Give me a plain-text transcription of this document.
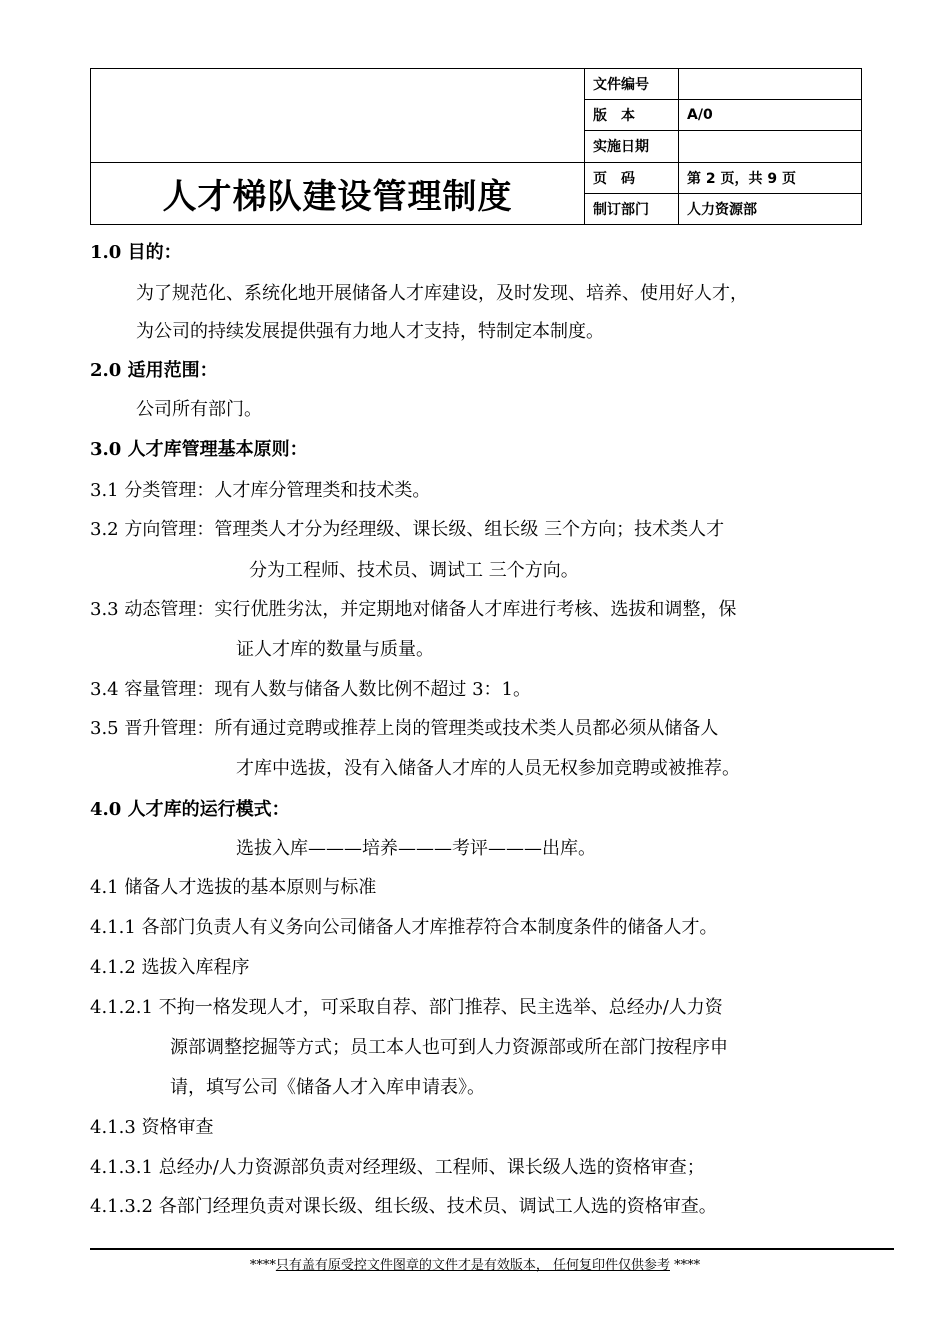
	文件编号	
	版　本	A/0
	实施日期	
人才梯队建设管理制度	页　码	第 2 页，共 9 页
	制订部门	人力资源部
1.0 目的：
为了规范化、系统化地开展储备人才库建设，及时发现、培养、使用好人才，
为公司的持续发展提供强有力地人才支持，特制定本制度。
2.0 适用范围：
公司所有部门。
3.0 人才库管理基本原则：
3.1 分类管理：人才库分管理类和技术类。
3.2 方向管理：管理类人才分为经理级、课长级、组长级 三个方向；技术类人才
分为工程师、技术员、调试工 三个方向。
3.3 动态管理：实行优胜劣汰，并定期地对储备人才库进行考核、选拔和调整，保
证人才库的数量与质量。
3.4 容量管理：现有人数与储备人数比例不超过 3：1。
3.5 晋升管理：所有通过竞聘或推荐上岗的管理类或技术类人员都必须从储备人
才库中选拔，没有入储备人才库的人员无权参加竞聘或被推荐。
4.0 人才库的运行模式：
选拔入库———培养———考评———出库。
4.1 储备人才选拔的基本原则与标准
4.1.1 各部门负责人有义务向公司储备人才库推荐符合本制度条件的储备人才。
4.1.2 选拔入库程序
4.1.2.1 不拘一格发现人才，可采取自荐、部门推荐、民主选举、总经办/人力资
源部调整挖掘等方式；员工本人也可到人力资源部或所在部门按程序申
请，填写公司《储备人才入库申请表》。
4.1.3 资格审查
4.1.3.1 总经办/人力资源部负责对经理级、工程师、课长级人选的资格审查；
4.1.3.2 各部门经理负责对课长级、组长级、技术员、调试工人选的资格审查。
****只有盖有原受控文件图章的文件才是有效版本， 任何复印件仅供参考 ****
